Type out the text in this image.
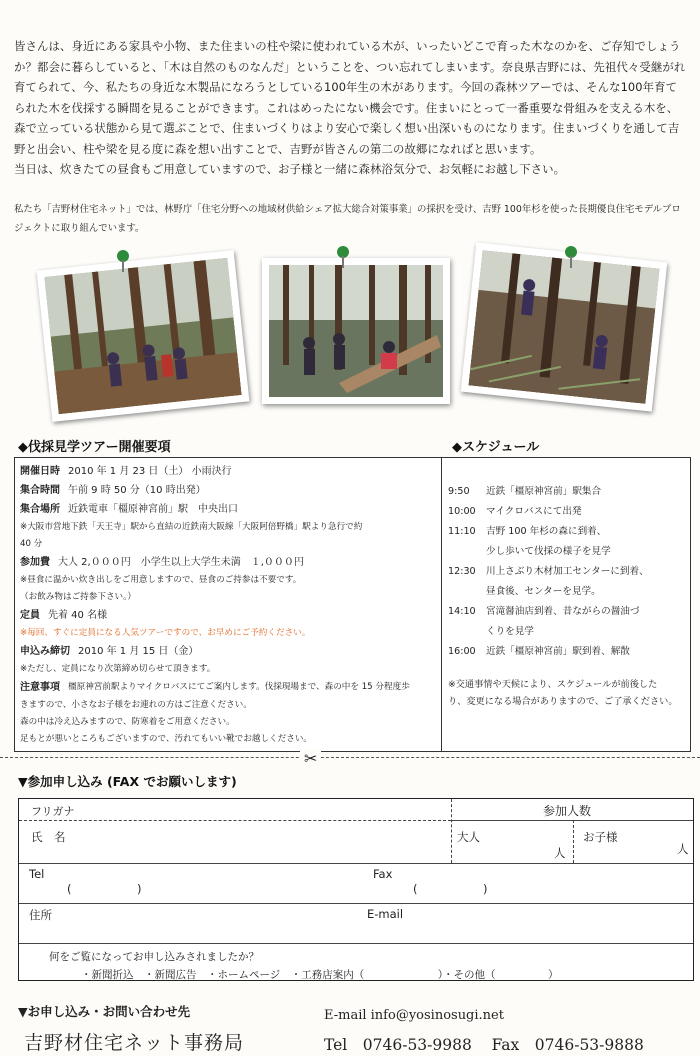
皆さんは、身近にある家具や小物、また住まいの柱や梁に使われている木が、いったいどこで育った木なのかを、ご存知でしょうか？都会に暮らしていると、「木は自然のものなんだ」ということを、つい忘れてしまいます。奈良県吉野には、先祖代々受継がれ育てられて、今、私たちの身近な木製品になろうとしている100年生の木があります。今回の森林ツアーでは、そんな100年育てられた木を伐採する瞬間を見ることができます。これはめったにない機会です。住まいにとって一番重要な骨組みを支える木を、森で立っている状態から見て選ぶことで、住まいづくりはより安心で楽しく想い出深いものになります。住まいづくりを通して吉野と出会い、柱や梁を見る度に森を想い出すことで、吉野が皆さんの第二の故郷になればと思います。

当日は、炊きたての昼食もご用意していますので、お子様と一緒に森林浴気分で、お気軽にお越し下さい。

私たち「吉野材住宅ネット」では、林野庁「住宅分野への地域材供給シェア拡大総合対策事業」の採択を受け、吉野 100年杉を使った長期優良住宅モデルプロジェクトに取り組んでいます。
◆伐採見学ツアー開催要項	◆スケジュール
開催日時 2010 年 1 月 23 日（土） 小雨決行
集合時間 午前 9 時 50 分（10 時出発）
集合場所 近鉄電車「橿原神宮前」駅　中央出口
※大阪市営地下鉄「天王寺」駅から直結の近鉄南大阪線「大阪阿倍野橋」駅より急行で約
40 分
参加費 大人 2,０００円　小学生以上大学生未満　１,０００円
※昼食に温かい炊き出しをご用意しますので、昼食のご持参は不要です。
（お飲み物はご持参下さい。）
定員 先着 40 名様
※毎回、すぐに定員になる人気ツアーですので、お早めにご予約ください。
申込み締切 2010 年 1 月 15 日（金）
※ただし、定員になり次第締め切らせて頂きます。
注意事項 橿原神宮前駅よりマイクロバスにてご案内します。伐採現場まで、森の中を 15 分程度歩
きますので、小さなお子様をお連れの方はご注意ください。
森の中は冷え込みますので、防寒着をご用意ください。
足もとが悪いところもございますので、汚れてもいい靴でお越しください。
9:50	近鉄「橿原神宮前」駅集合
10:00	マイクロバスにて出発
11:10	吉野 100 年杉の森に到着、
少し歩いて伐採の様子を見学
12:30	川上さぶり木材加工センターに到着、
昼食後、センターを見学。
14:10	宮滝醤油店到着、昔ながらの醤油づ
くりを見学
16:00	近鉄「橿原神宮前」駅到着、解散
※交通事情や天候により、スケジュールが前後した
り、変更になる場合がありますので、ご了承ください。
✂
▼参加申し込み (FAX でお願いします)
フリガナ	参加人数
氏　名	大人
人
お子様
人
Tel
(	)
Fax
(	)
住所	E-mail
何をご覧になってお申し込みされましたか？
・新聞折込　・新聞広告　・ホームページ　・工務店案内（　　　　　　　）・その他（　　　　　）
▼お申し込み・お問い合わせ先
吉野材住宅ネット事務局
E-mail info@yosinosugi.net
Tel　0746-53-9988 Fax　0746-53-9888
